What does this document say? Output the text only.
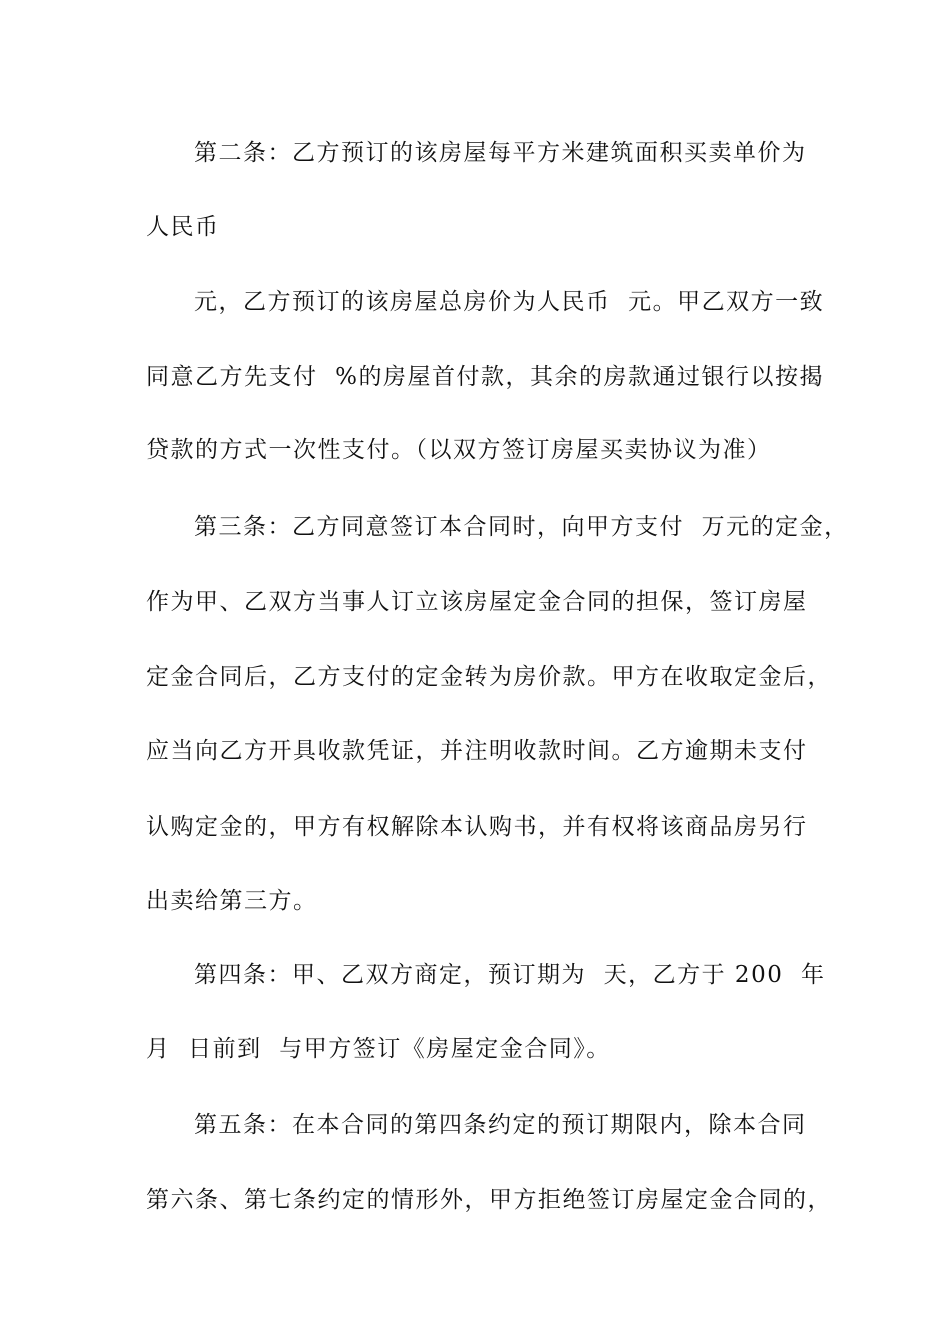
第二条：乙方预订的该房屋每平方米建筑面积买卖单价为
人民币
元，乙方预订的该房屋总房价为人民币  元。甲乙双方一致
同意乙方先支付  %的房屋首付款，其余的房款通过银行以按揭
贷款的方式一次性支付。（以双方签订房屋买卖协议为准）
第三条：乙方同意签订本合同时，向甲方支付  万元的定金，
作为甲、乙双方当事人订立该房屋定金合同的担保，签订房屋
定金合同后，乙方支付的定金转为房价款。甲方在收取定金后，
应当向乙方开具收款凭证，并注明收款时间。乙方逾期未支付
认购定金的，甲方有权解除本认购书，并有权将该商品房另行
出卖给第三方。
第四条：甲、乙双方商定，预订期为  天，乙方于 200  年
月  日前到  与甲方签订《房屋定金合同》。
第五条：在本合同的第四条约定的预订期限内，除本合同
第六条、第七条约定的情形外，甲方拒绝签订房屋定金合同的，
